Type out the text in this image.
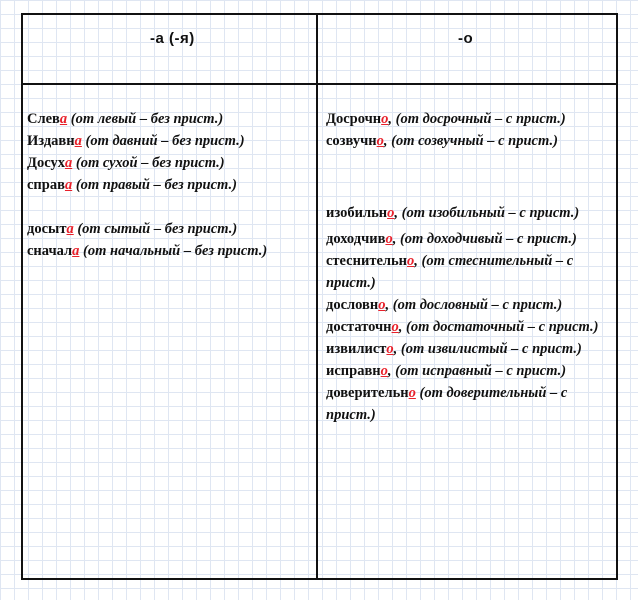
-а (-я)	-о
Слева (от левый – без прист.)
Издавна (от давний – без прист.)
Досуха (от сухой – без прист.)
справа (от правый – без прист.)
досыта (от сытый – без прист.)
сначала (от начальный – без прист.)
Досрочно, (от досрочный – с прист.)
созвучно, (от созвучный – с прист.)
изобильно, (от изобильный – с прист.)
доходчиво, (от доходчивый – с прист.)
стеснительно, (от стеснительный – с прист.)
дословно, (от дословный – с прист.)
достаточно, (от достаточный – с прист.)
извилисто, (от извилистый – с прист.)
исправно, (от исправный – с прист.)
доверительно (от доверительный – с прист.)
